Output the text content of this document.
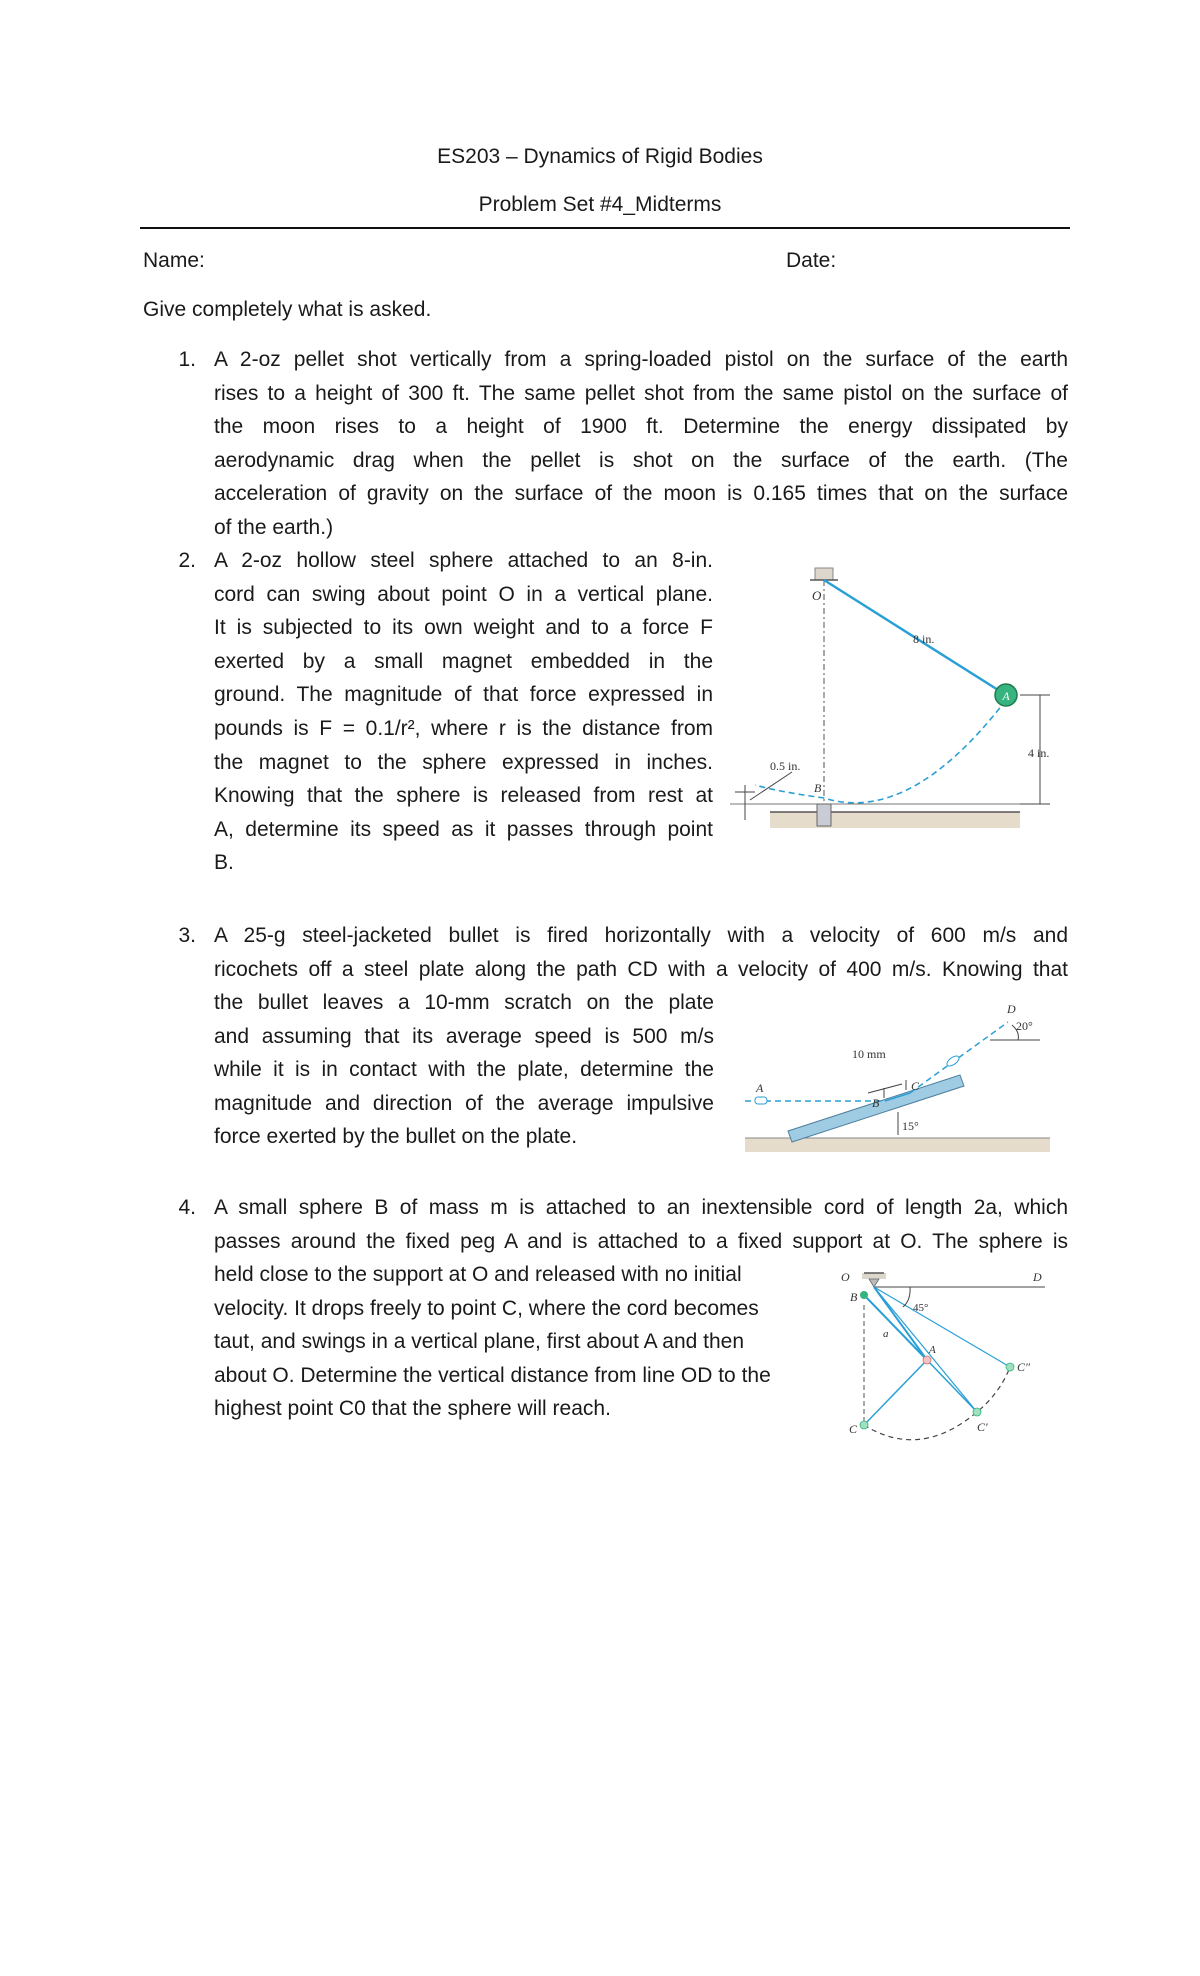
ES203 – Dynamics of Rigid Bodies
Problem Set #4_Midterms
Name:	Date:
Give completely what is asked.
1. A 2-oz pellet shot vertically from a spring-loaded pistol on the surface of the earth
rises to a height of 300 ft. The same pellet shot from the same pistol on the surface of
the moon rises to a height of 1900 ft. Determine the energy dissipated by
aerodynamic drag when the pellet is shot on the surface of the earth. (The
acceleration of gravity on the surface of the moon is 0.165 times that on the surface
of the earth.)
2. A 2-oz hollow steel sphere attached to an 8-in.
cord can swing about point O in a vertical plane.
It is subjected to its own weight and to a force F
exerted by a small magnet embedded in the
ground. The magnitude of that force expressed in
pounds is F = 0.1/r², where r is the distance from
the magnet to the sphere expressed in inches.
Knowing that the sphere is released from rest at
A, determine its speed as it passes through point
B.
A
O
8 in.
4 in.
0.5 in.
B
3. A 25-g steel-jacketed bullet is fired horizontally with a velocity of 600 m/s and
ricochets off a steel plate along the path CD with a velocity of 400 m/s. Knowing that
the bullet leaves a 10-mm scratch on the plate
and assuming that its average speed is 500 m/s
while it is in contact with the plate, determine the
magnitude and direction of the average impulsive
force exerted by the bullet on the plate.
A
B
C
D
10 mm
15°
20°
4. A small sphere B of mass m is attached to an inextensible cord of length 2a, which
passes around the fixed peg A and is attached to a fixed support at O. The sphere is
held close to the support at O and released with no initial
velocity. It drops freely to point C, where the cord becomes
taut, and swings in a vertical plane, first about A and then
about O. Determine the vertical distance from line OD to the
highest point C0 that the sphere will reach.
O
B
D
A
a
45°
C	C′
C″
